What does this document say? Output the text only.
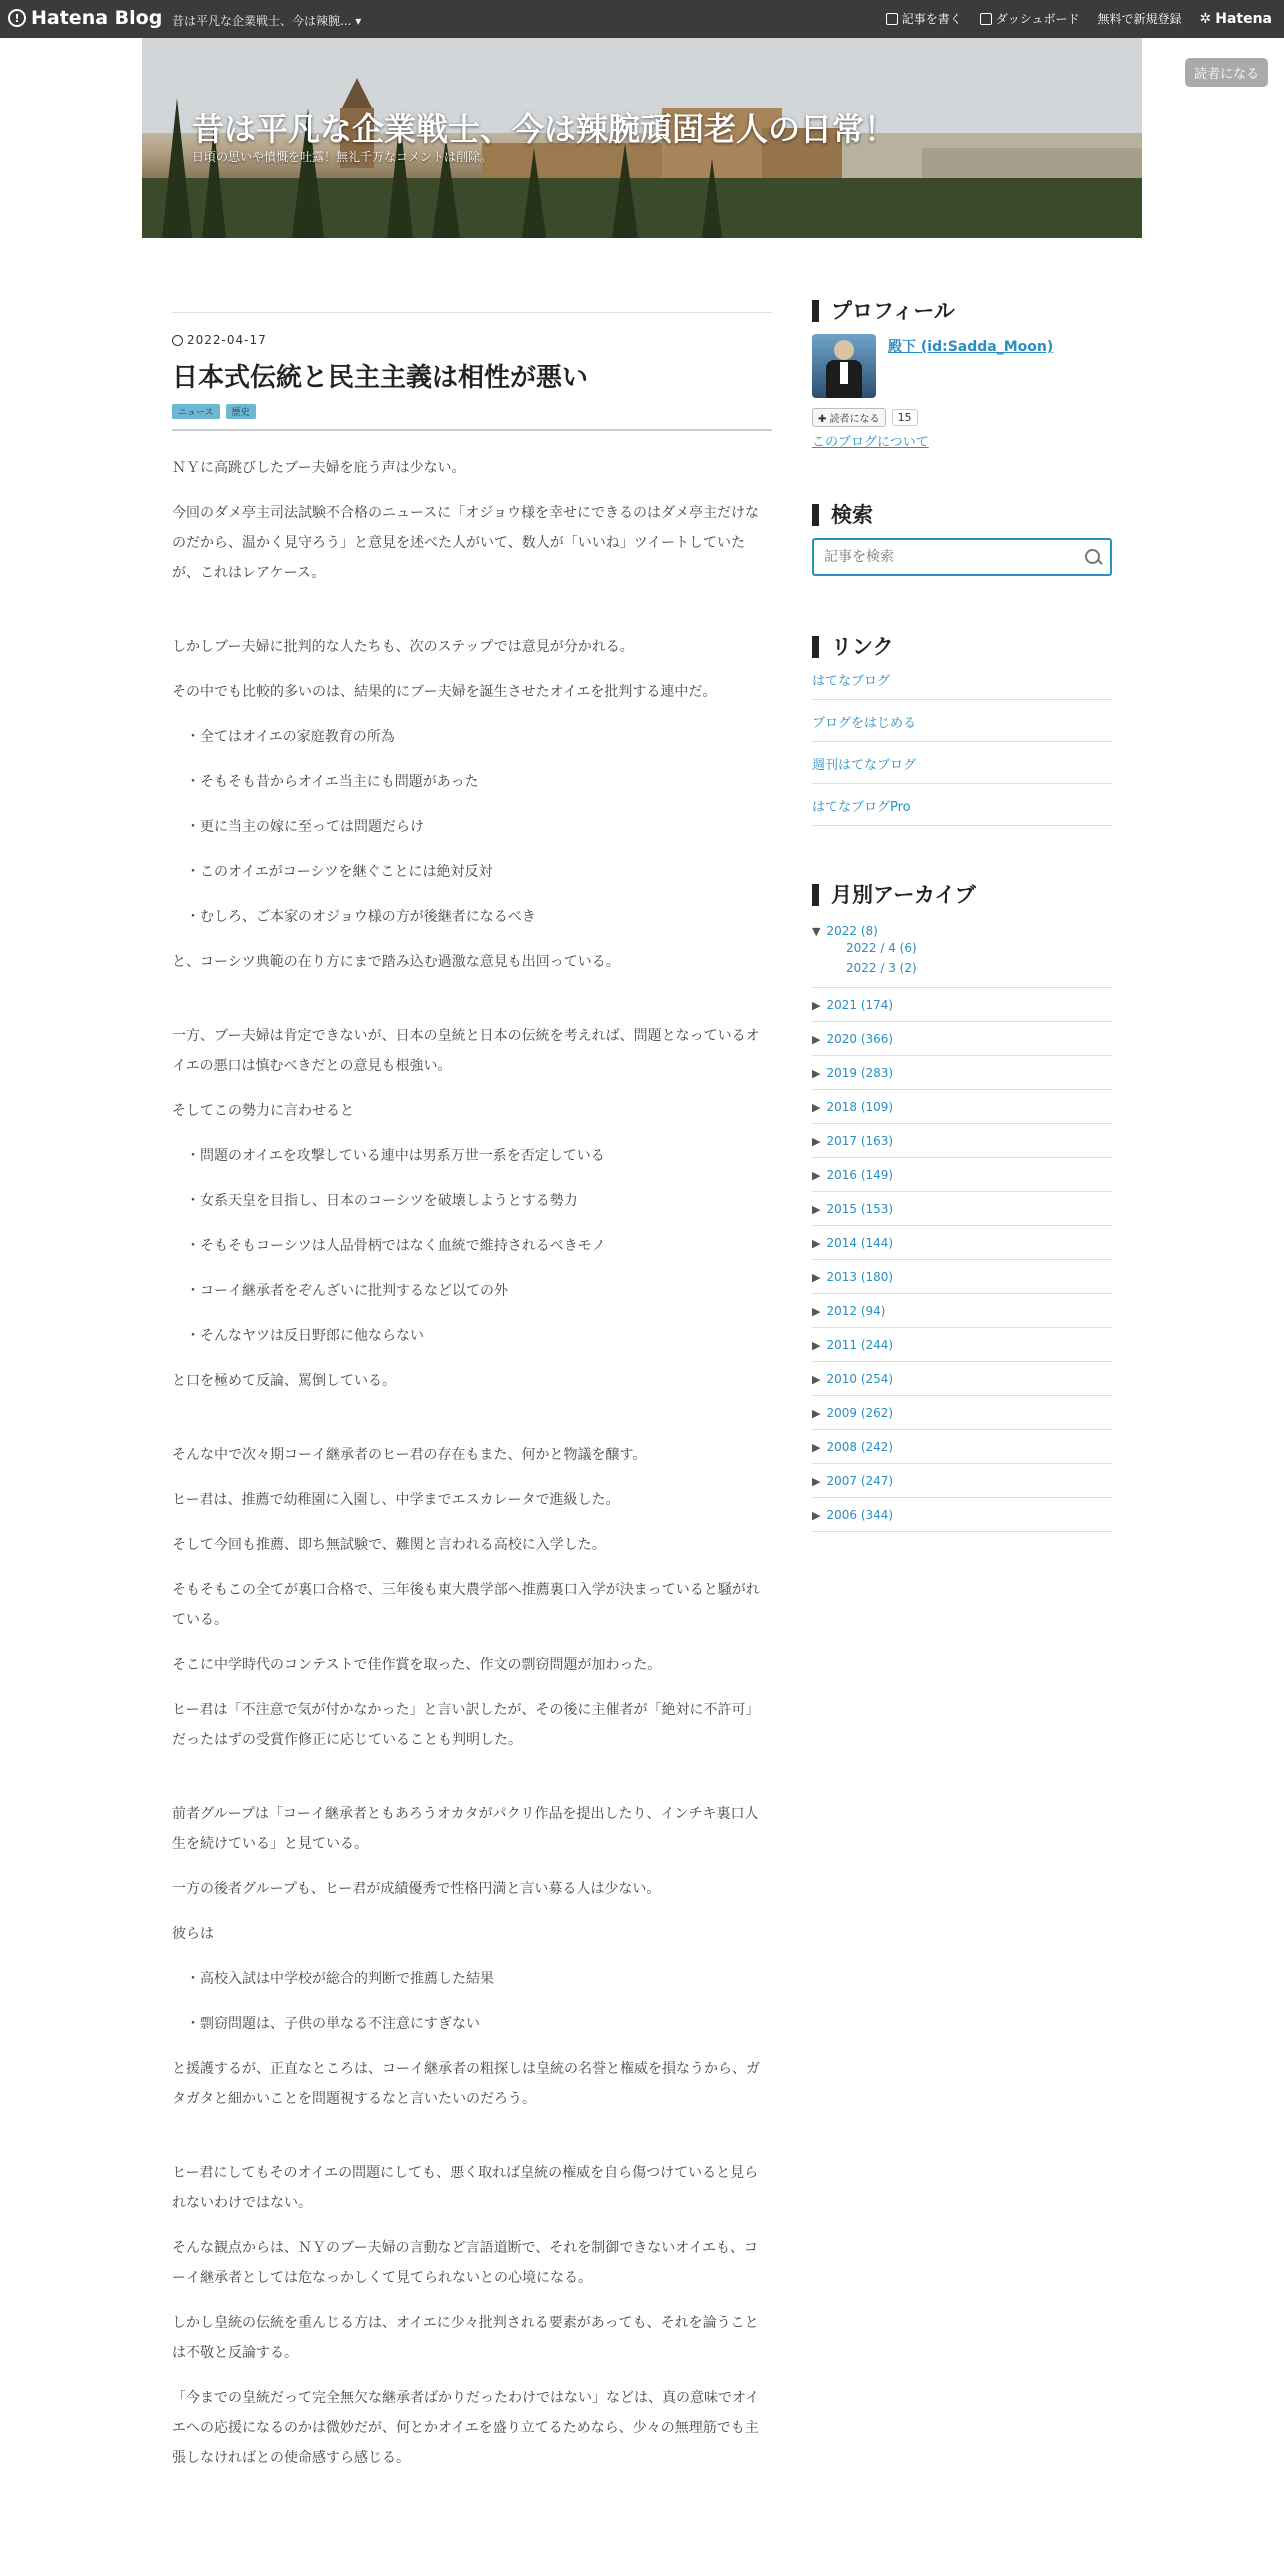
! Hatena Blog 昔は平凡な企業戦士、今は辣腕... ▾	記事を書く	ダッシュボード 無料で新規登録 ✲ Hatena
昔は平凡な企業戦士、今は辣腕頑固老人の日常！
日頃の思いや憤慨を吐露！無礼千万なコメントは削除。
読者になる
2022-04-17
日本式伝統と民主主義は相性が悪い
ニュース	歴史

ＮＹに高跳びしたブー夫婦を庇う声は少ない。

今回のダメ亭主司法試験不合格のニュースに「オジョウ様を幸せにできるのはダメ亭主だけなのだから、温かく見守ろう」と意見を述べた人がいて、数人が「いいね」ツイートしていたが、これはレアケース。

しかしブー夫婦に批判的な人たちも、次のステップでは意見が分かれる。

その中でも比較的多いのは、結果的にブー夫婦を誕生させたオイエを批判する連中だ。

・全てはオイエの家庭教育の所為

・そもそも昔からオイエ当主にも問題があった

・更に当主の嫁に至っては問題だらけ

・このオイエがコーシツを継ぐことには絶対反対

・むしろ、ご本家のオジョウ様の方が後継者になるべき

と、コーシツ典範の在り方にまで踏み込む過激な意見も出回っている。

一方、ブー夫婦は肯定できないが、日本の皇統と日本の伝統を考えれば、問題となっているオイエの悪口は慎むべきだとの意見も根強い。

そしてこの勢力に言わせると

・問題のオイエを攻撃している連中は男系万世一系を否定している

・女系天皇を目指し、日本のコーシツを破壊しようとする勢力

・そもそもコーシツは人品骨柄ではなく血統で維持されるべきモノ

・コーイ継承者をぞんざいに批判するなど以ての外

・そんなヤツは反日野郎に他ならない

と口を極めて反論、罵倒している。

そんな中で次々期コーイ継承者のヒー君の存在もまた、何かと物議を醸す。

ヒー君は、推薦で幼稚園に入園し、中学までエスカレータで進級した。

そして今回も推薦、即ち無試験で、難関と言われる高校に入学した。

そもそもこの全てが裏口合格で、三年後も東大農学部へ推薦裏口入学が決まっていると騒がれている。

そこに中学時代のコンテストで佳作賞を取った、作文の剽窃問題が加わった。

ヒー君は「不注意で気が付かなかった」と言い訳したが、その後に主催者が「絶対に不許可」だったはずの受賞作修正に応じていることも判明した。

前者グループは「コーイ継承者ともあろうオカタがパクリ作品を提出したり、インチキ裏口人生を続けている」と見ている。

一方の後者グループも、ヒー君が成績優秀で性格円満と言い募る人は少ない。

彼らは

・高校入試は中学校が総合的判断で推薦した結果

・剽窃問題は、子供の単なる不注意にすぎない

と援護するが、正直なところは、コーイ継承者の粗探しは皇統の名誉と権威を損なうから、ガタガタと細かいことを問題視するなと言いたいのだろう。

ヒー君にしてもそのオイエの問題にしても、悪く取れば皇統の権威を自ら傷つけていると見られないわけではない。

そんな観点からは、ＮＹのブー夫婦の言動など言語道断で、それを制御できないオイエも、コーイ継承者としては危なっかしくて見てられないとの心境になる。

しかし皇統の伝統を重んじる方は、オイエに少々批判される要素があっても、それを論うことは不敬と反論する。

「今までの皇統だって完全無欠な継承者ばかりだったわけではない」などは、真の意味でオイエへの応援になるのかは微妙だが、何とかオイエを盛り立てるためなら、少々の無理筋でも主張しなければとの使命感すら感じる。

プロフィール
殿下 (id:Sadda_Moon)
✚ 読者になる	15
このブログについて
検索
記事を検索
リンク
はてなブログ
ブログをはじめる
週刊はてなブログ
はてなブログPro
月別アーカイブ
▼ 2022 (8)
2022 / 4 (6)
2022 / 3 (2)
▶ 2021 (174)
▶ 2020 (366)
▶ 2019 (283)
▶ 2018 (109)
▶ 2017 (163)
▶ 2016 (149)
▶ 2015 (153)
▶ 2014 (144)
▶ 2013 (180)
▶ 2012 (94)
▶ 2011 (244)
▶ 2010 (254)
▶ 2009 (262)
▶ 2008 (242)
▶ 2007 (247)
▶ 2006 (344)
